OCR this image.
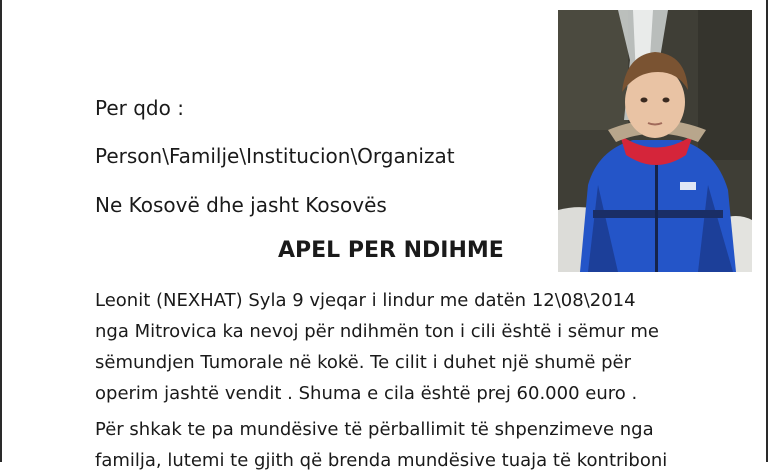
Per qdo :
Person\Familje\Institucion\Organizat
Ne Kosovë dhe jasht Kosovës
APEL PER NDIHME
Leonit (NEXHAT) Syla 9 vjeqar i lindur me datën 12\08\2014
nga Mitrovica ka nevoj për ndihmën ton i cili është i sëmur me
sëmundjen Tumorale në kokë. Te cilit i duhet një shumë për
operim jashtë vendit . Shuma e cila është prej 60.000 euro .
Për shkak te pa mundësive të përballimit të shpenzimeve nga
familja, lutemi te gjith që brenda mundësive tuaja të kontriboni
